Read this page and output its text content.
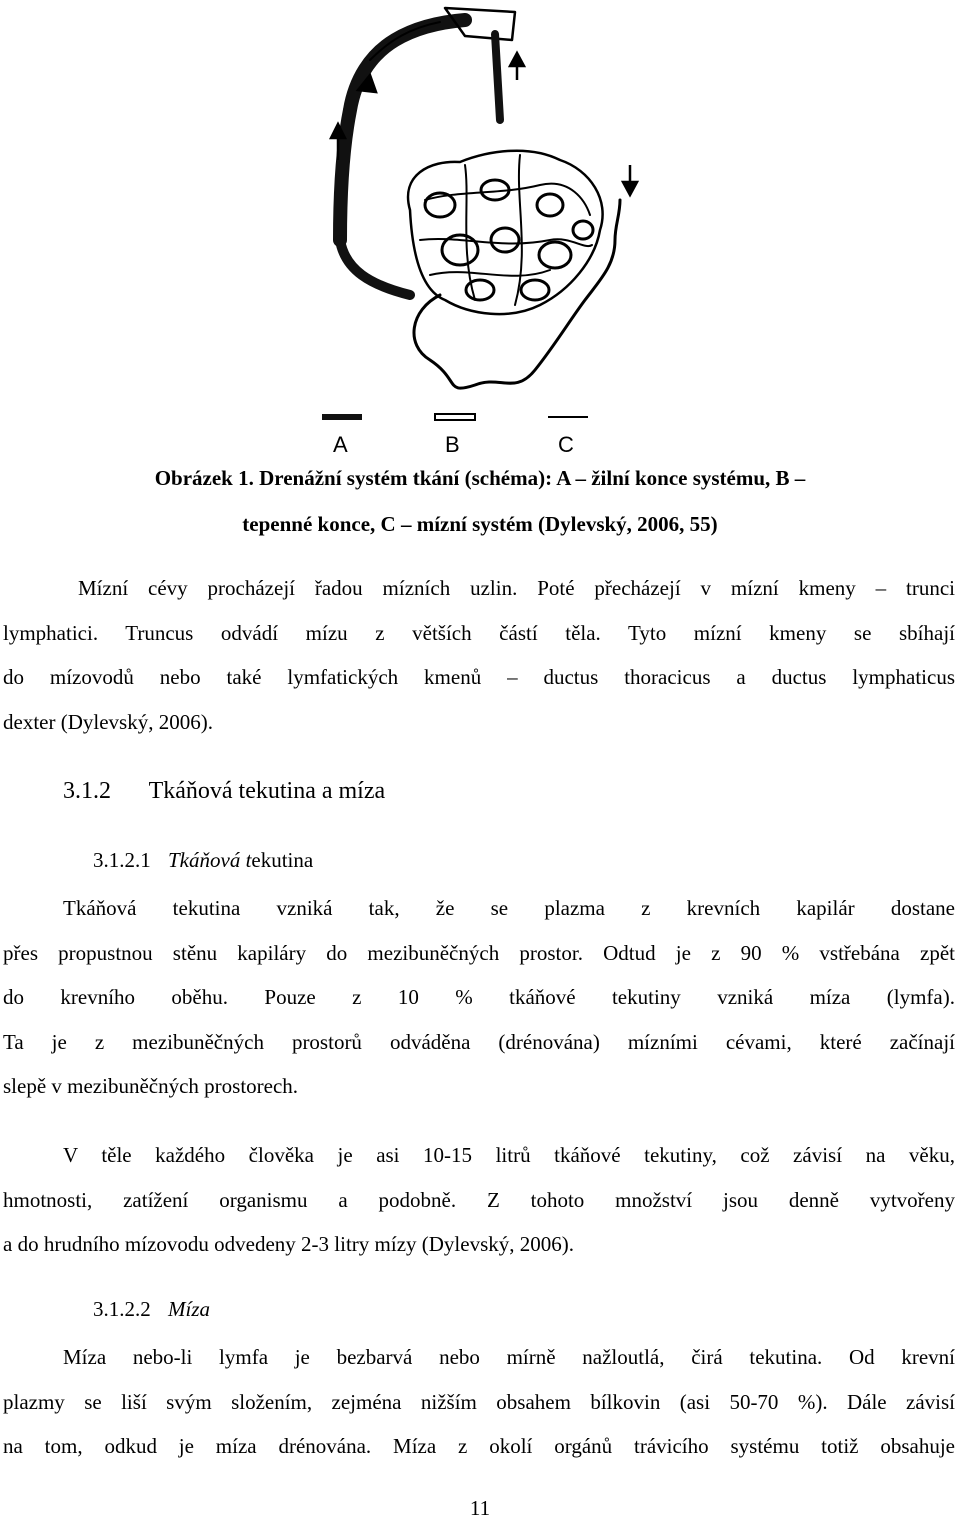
A	B	C
Obrázek 1. Drenážní systém tkání (schéma): A – žilní konce systému, B –
tepenné konce, C – mízní systém (Dylevský, 2006, 55)
Mízní cévy procházejí řadou mízních uzlin. Poté přecházejí v mízní kmeny – trunci
lymphatici. Truncus odvádí mízu z větších částí těla. Tyto mízní kmeny se sbíhají
do mízovodů nebo také lymfatických kmenů – ductus thoracicus a ductus lymphaticus
dexter (Dylevský, 2006).
3.1.2 Tkáňová tekutina a míza
3.1.2.1 Tkáňová tekutina
Tkáňová tekutina vzniká tak, že se plazma z krevních kapilár dostane
přes propustnou stěnu kapiláry do mezibuněčných prostor. Odtud je z 90 % vstřebána zpět
do krevního oběhu. Pouze z 10 % tkáňové tekutiny vzniká míza (lymfa).
Ta je z mezibuněčných prostorů odváděna (drénována) mízními cévami, které začínají
slepě v mezibuněčných prostorech.
V těle každého člověka je asi 10-15 litrů tkáňové tekutiny, což závisí na věku,
hmotnosti, zatížení organismu a podobně. Z tohoto množství jsou denně vytvořeny
a do hrudního mízovodu odvedeny 2-3 litry mízy (Dylevský, 2006).
3.1.2.2 Míza
Míza nebo-li lymfa je bezbarvá nebo mírně nažloutlá, čirá tekutina. Od krevní
plazmy se liší svým složením, zejména nižším obsahem bílkovin (asi 50-70 %). Dále závisí
na tom, odkud je míza drénována. Míza z okolí orgánů trávicího systému totiž obsahuje
11
